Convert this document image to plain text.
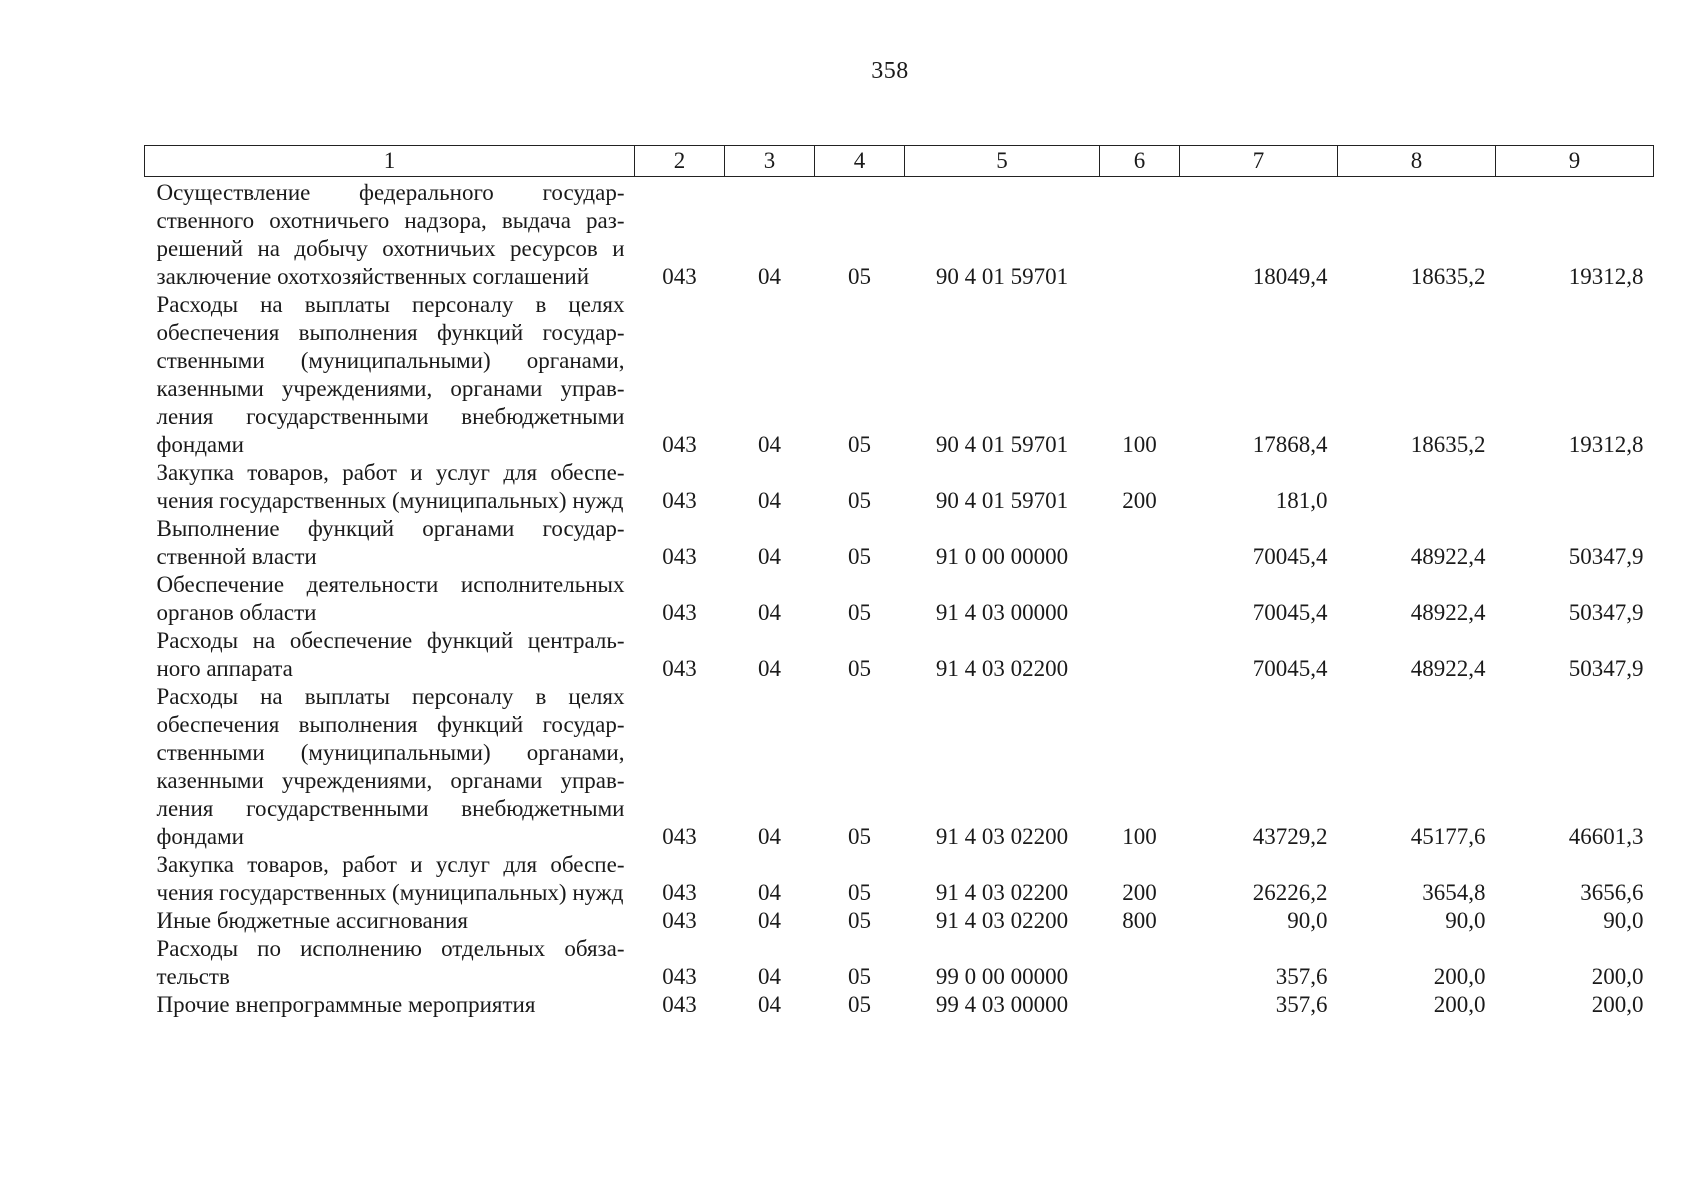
358
1	2	3	4	5	6	7	8	9
Осуществление федерального государственного охотничьего надзора, выдача разрешений на добычу охотничьих ресурсов и заключение охотхозяйственных соглашений	043	04	05	90 4 01 59701		18049,4	18635,2	19312,8
Расходы на выплаты персоналу в целях обеспечения выполнения функций государственными (муниципальными) органами, казенными учреждениями, органами управления государственными внебюджетными фондами	043	04	05	90 4 01 59701	100	17868,4	18635,2	19312,8
Закупка товаров, работ и услуг для обеспечения государственных (муниципальных) нужд	043	04	05	90 4 01 59701	200	181,0		
Выполнение функций органами государственной власти	043	04	05	91 0 00 00000		70045,4	48922,4	50347,9
Обеспечение деятельности исполнительных органов области	043	04	05	91 4 03 00000		70045,4	48922,4	50347,9
Расходы на обеспечение функций центрального аппарата	043	04	05	91 4 03 02200		70045,4	48922,4	50347,9
Расходы на выплаты персоналу в целях обеспечения выполнения функций государственными (муниципальными) органами, казенными учреждениями, органами управления государственными внебюджетными фондами	043	04	05	91 4 03 02200	100	43729,2	45177,6	46601,3
Закупка товаров, работ и услуг для обеспечения государственных (муниципальных) нужд	043	04	05	91 4 03 02200	200	26226,2	3654,8	3656,6
Иные бюджетные ассигнования	043	04	05	91 4 03 02200	800	90,0	90,0	90,0
Расходы по исполнению отдельных обязательств	043	04	05	99 0 00 00000		357,6	200,0	200,0
Прочие внепрограммные мероприятия	043	04	05	99 4 03 00000		357,6	200,0	200,0
